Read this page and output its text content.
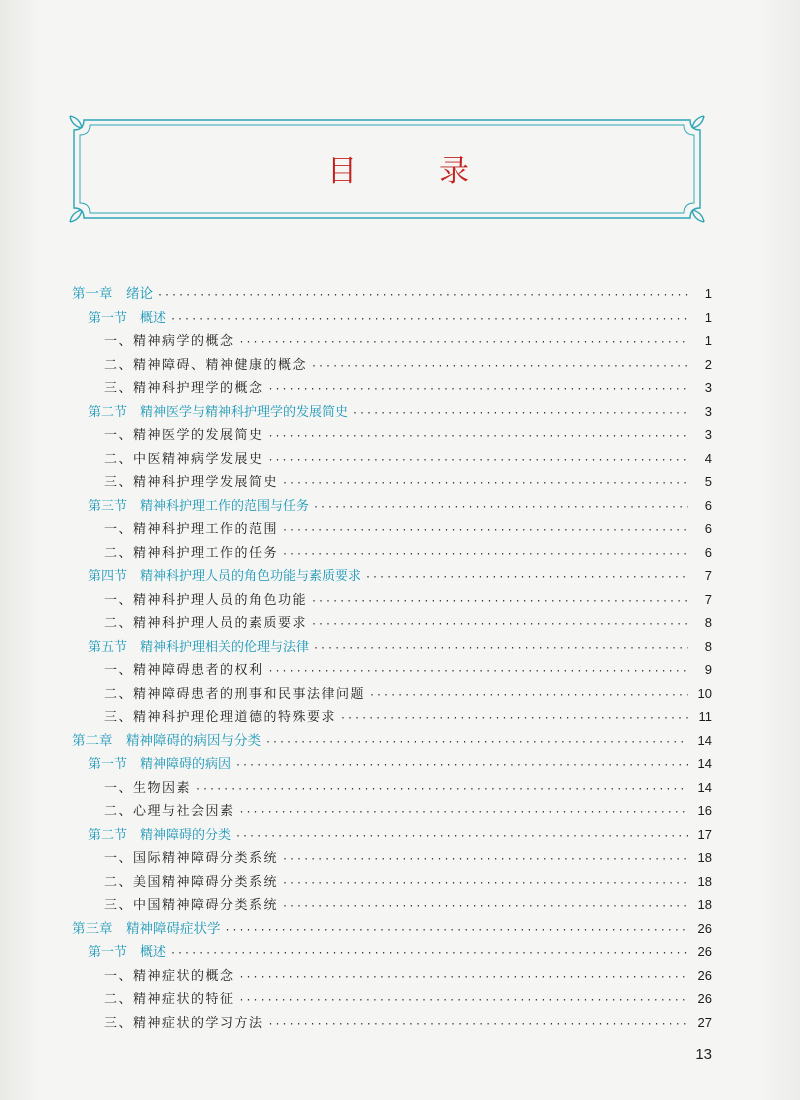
目　录
第一章　绪论 ·····	1
第一节　概述 ·····	1
一、精神病学的概念 ·····	1
二、精神障碍、精神健康的概念 ·····	2
三、精神科护理学的概念 ·····	3
第二节　精神医学与精神科护理学的发展简史 ·····	3
一、精神医学的发展简史 ·····	3
二、中医精神病学发展史 ·····	4
三、精神科护理学发展简史 ·····	5
第三节　精神科护理工作的范围与任务 ·····	6
一、精神科护理工作的范围 ·····	6
二、精神科护理工作的任务 ·····	6
第四节　精神科护理人员的角色功能与素质要求 ·····	7
一、精神科护理人员的角色功能 ·····	7
二、精神科护理人员的素质要求 ·····	8
第五节　精神科护理相关的伦理与法律 ·····	8
一、精神障碍患者的权利 ·····	9
二、精神障碍患者的刑事和民事法律问题 ·····	10
三、精神科护理伦理道德的特殊要求 ·····	11
第二章　精神障碍的病因与分类 ·····	14
第一节　精神障碍的病因 ·····	14
一、生物因素 ·····	14
二、心理与社会因素 ·····	16
第二节　精神障碍的分类 ·····	17
一、国际精神障碍分类系统 ·····	18
二、美国精神障碍分类系统 ·····	18
三、中国精神障碍分类系统 ·····	18
第三章　精神障碍症状学 ·····	26
第一节　概述 ·····	26
一、精神症状的概念 ·····	26
二、精神症状的特征 ·····	26
三、精神症状的学习方法 ·····	27
13
